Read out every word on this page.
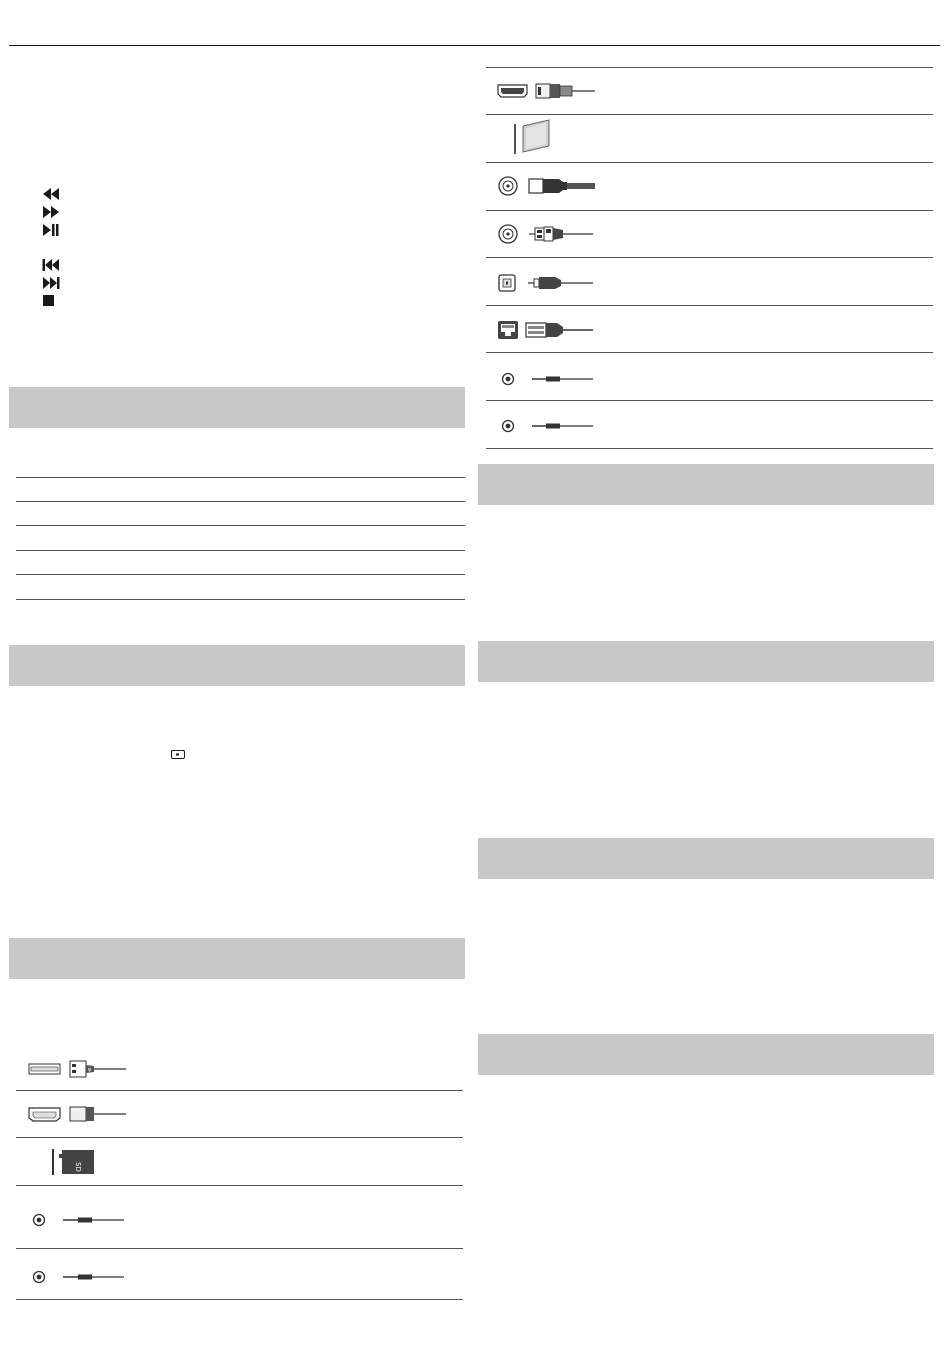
ψ
SD
